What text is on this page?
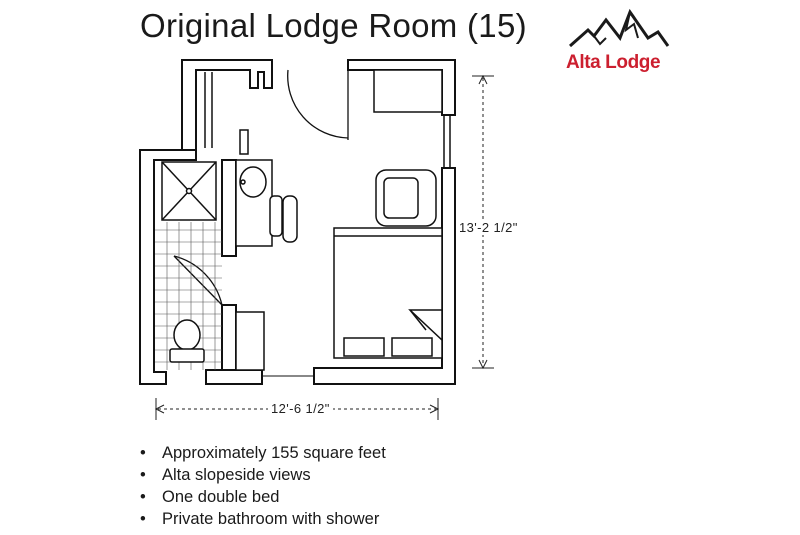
Original Lodge Room (15)
Alta Lodge
13'-2 1/2"
12'-6 1/2"
• Approximately 155 square feet
• Alta slopeside views
• One double bed
• Private bathroom with shower
